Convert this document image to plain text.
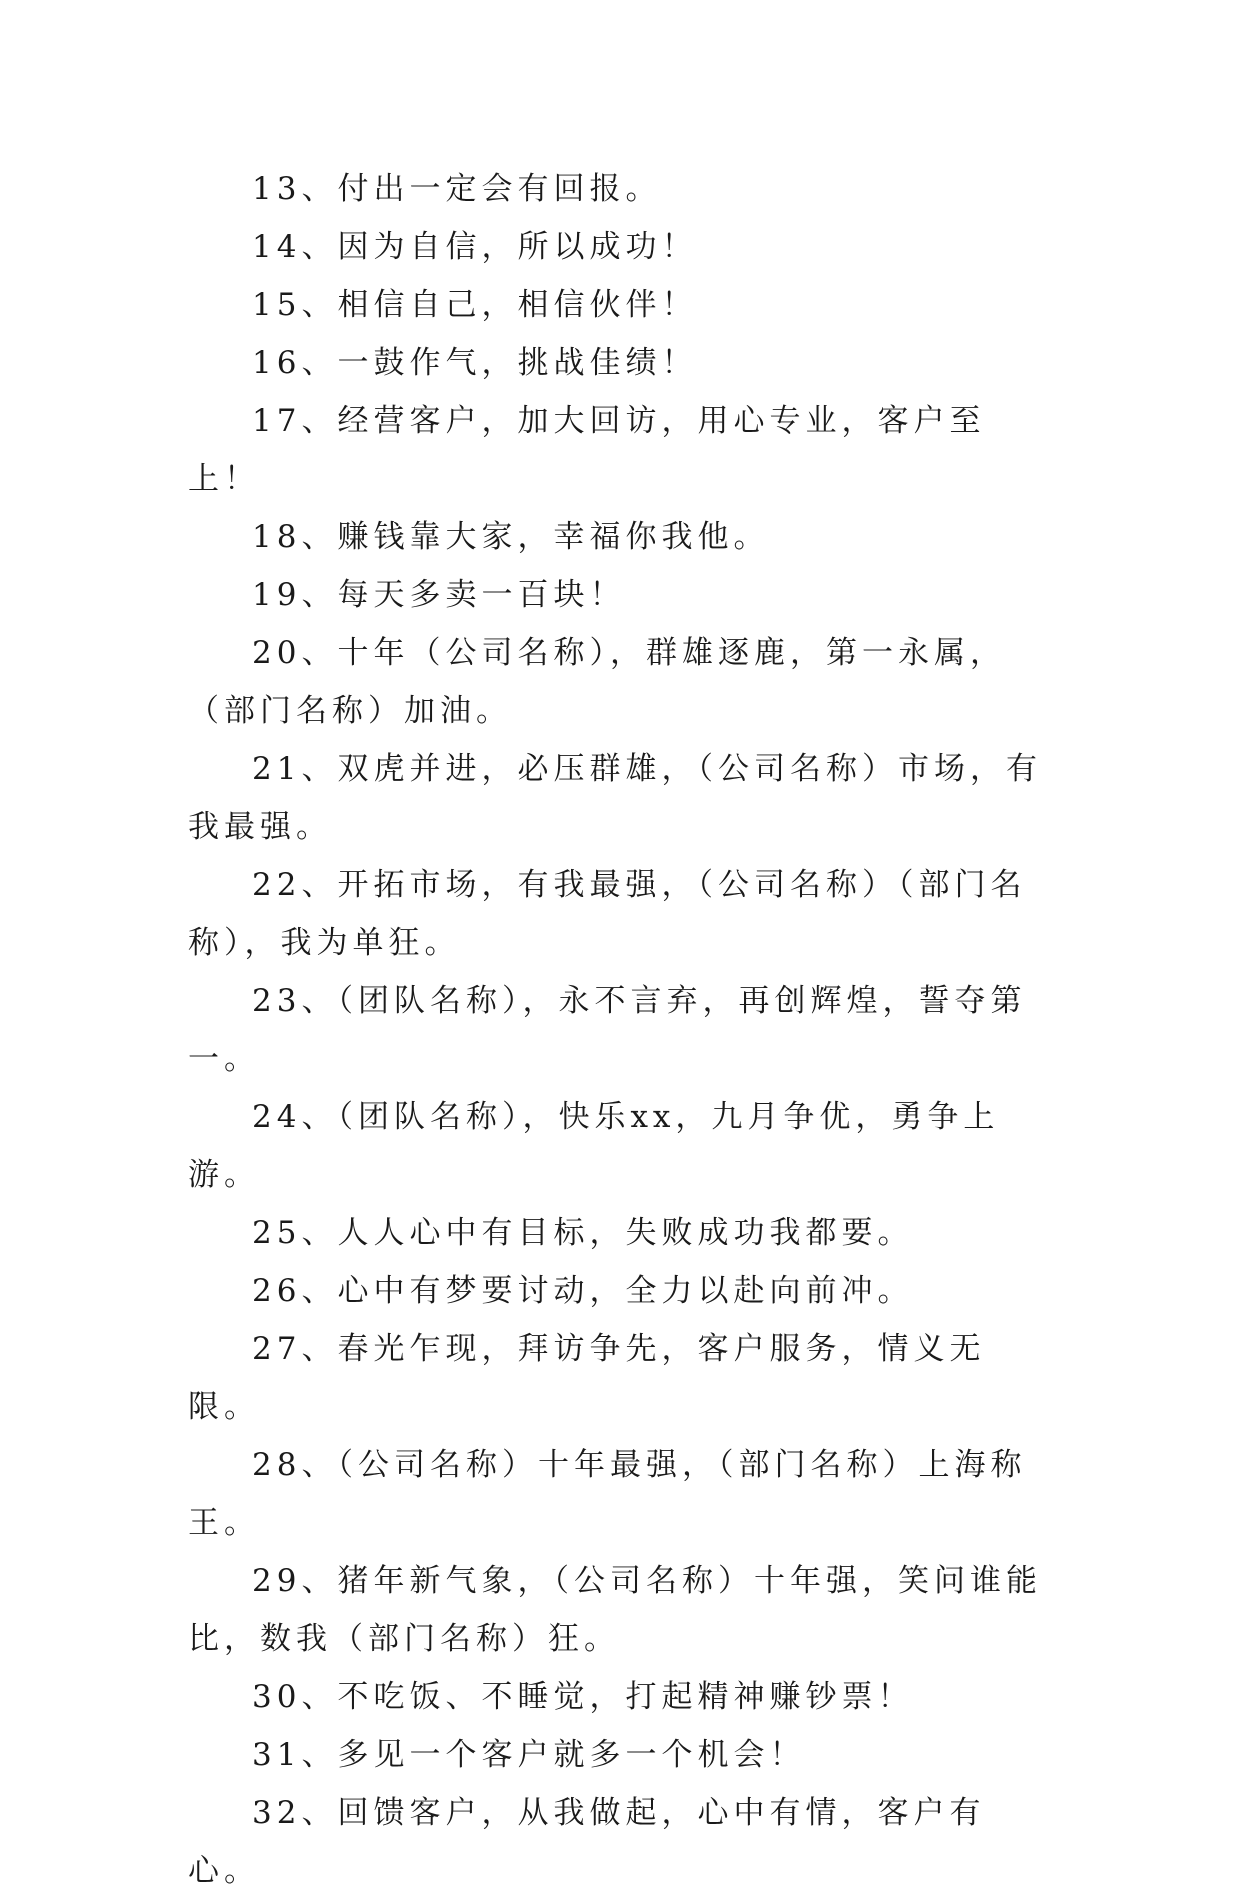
13、付出一定会有回报。

14、因为自信，所以成功！

15、相信自己，相信伙伴！

16、一鼓作气，挑战佳绩！

17、经营客户，加大回访，用心专业，客户至上！

18、赚钱靠大家，幸福你我他。

19、每天多卖一百块！

20、十年（公司名称），群雄逐鹿，第一永属，（部门名称）加油。

21、双虎并进，必压群雄，（公司名称）市场，有我最强。

22、开拓市场，有我最强，（公司名称）（部门名称），我为单狂。

23、（团队名称），永不言弃，再创辉煌，誓夺第一。

24、（团队名称），快乐xx，九月争优，勇争上游。

25、人人心中有目标，失败成功我都要。

26、心中有梦要讨动，全力以赴向前冲。

27、春光乍现，拜访争先，客户服务，情义无限。

28、（公司名称）十年最强，（部门名称）上海称王。

29、猪年新气象，（公司名称）十年强，笑问谁能比，数我（部门名称）狂。

30、不吃饭、不睡觉，打起精神赚钞票！

31、多见一个客户就多一个机会！

32、回馈客户，从我做起，心中有情，客户有心。
